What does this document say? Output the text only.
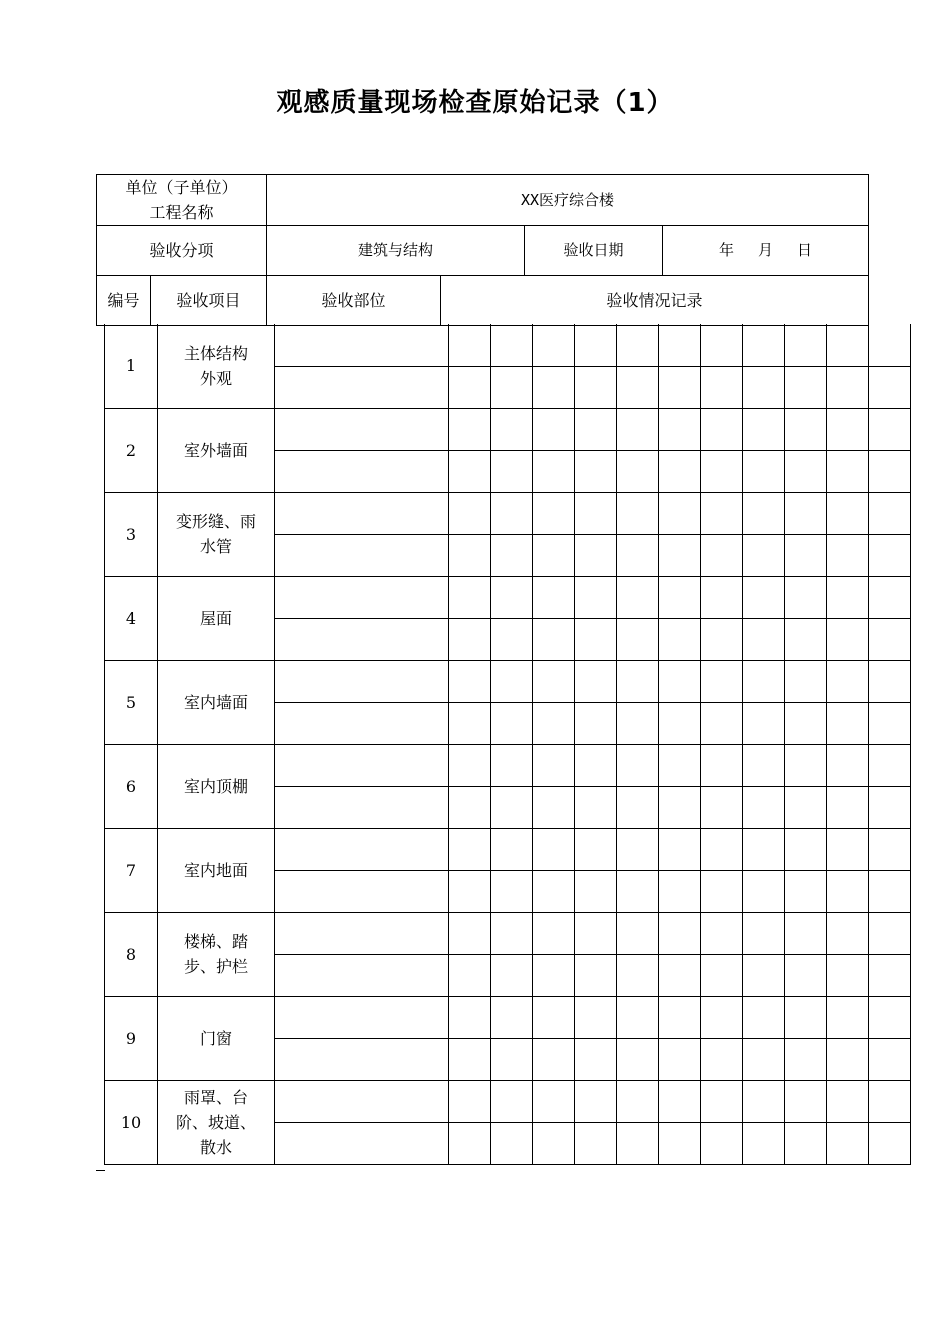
观感质量现场检查原始记录（1）
单位（子单位）
工程名称		XX医疗综合楼			
验收分项		建筑与结构		验收日期	年 月 日
编号	验收项目	验收部位	验收情况记录		
1	主体结构
外观												

2	室外墙面												

3	变形缝、雨
水管												

4	屋面												

5	室内墙面												

6	室内顶棚												

7	室内地面												

8	楼梯、踏
步、护栏												

9	门窗												

10	雨罩、台
阶、坡道、
散水												
